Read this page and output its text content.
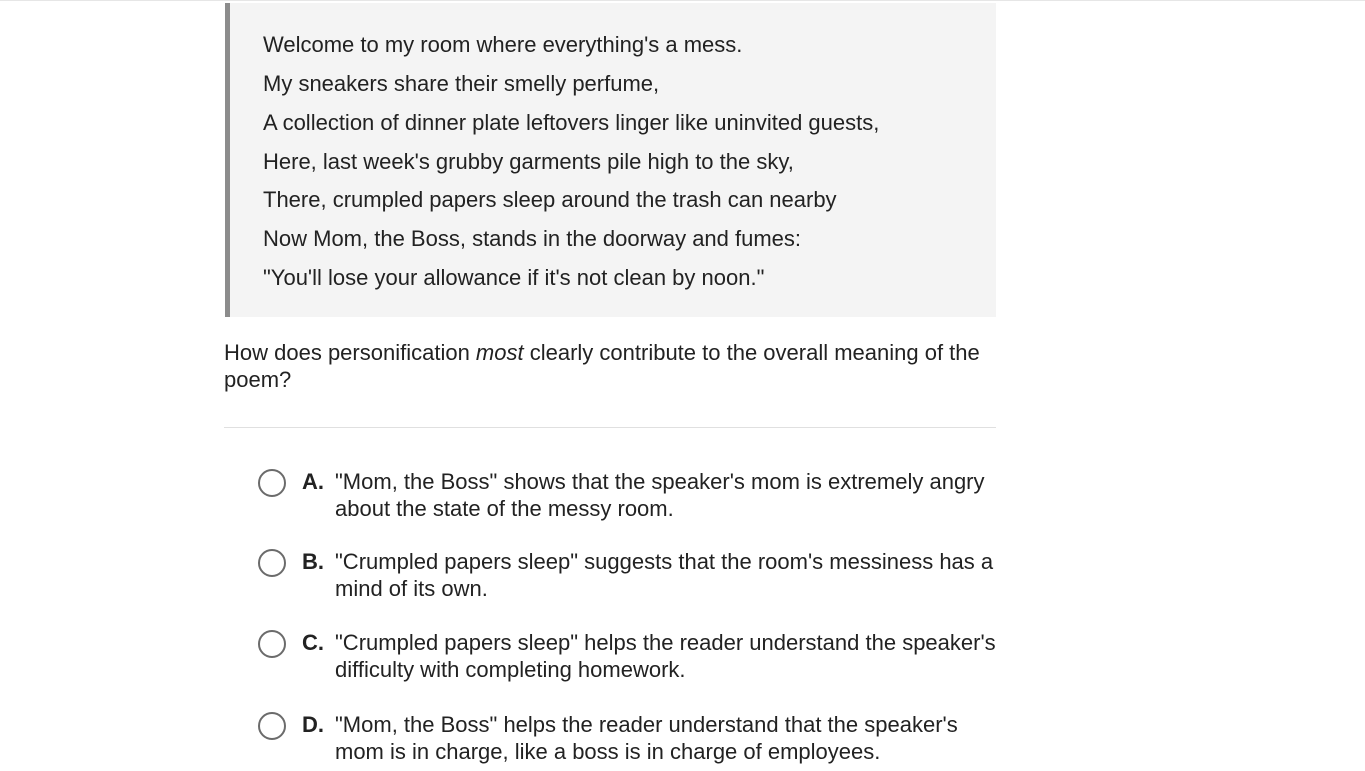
Welcome to my room where everything's a mess.
My sneakers share their smelly perfume,
A collection of dinner plate leftovers linger like uninvited guests,
Here, last week's grubby garments pile high to the sky,
There, crumpled papers sleep around the trash can nearby
Now Mom, the Boss, stands in the doorway and fumes:
"You'll lose your allowance if it's not clean by noon."
How does personification most clearly contribute to the overall meaning of the poem?
A. "Mom, the Boss" shows that the speaker's mom is extremely angry about the state of the messy room.
B. "Crumpled papers sleep" suggests that the room's messiness has a mind of its own.
C. "Crumpled papers sleep" helps the reader understand the speaker's difficulty with completing homework.
D. "Mom, the Boss" helps the reader understand that the speaker's mom is in charge, like a boss is in charge of employees.
